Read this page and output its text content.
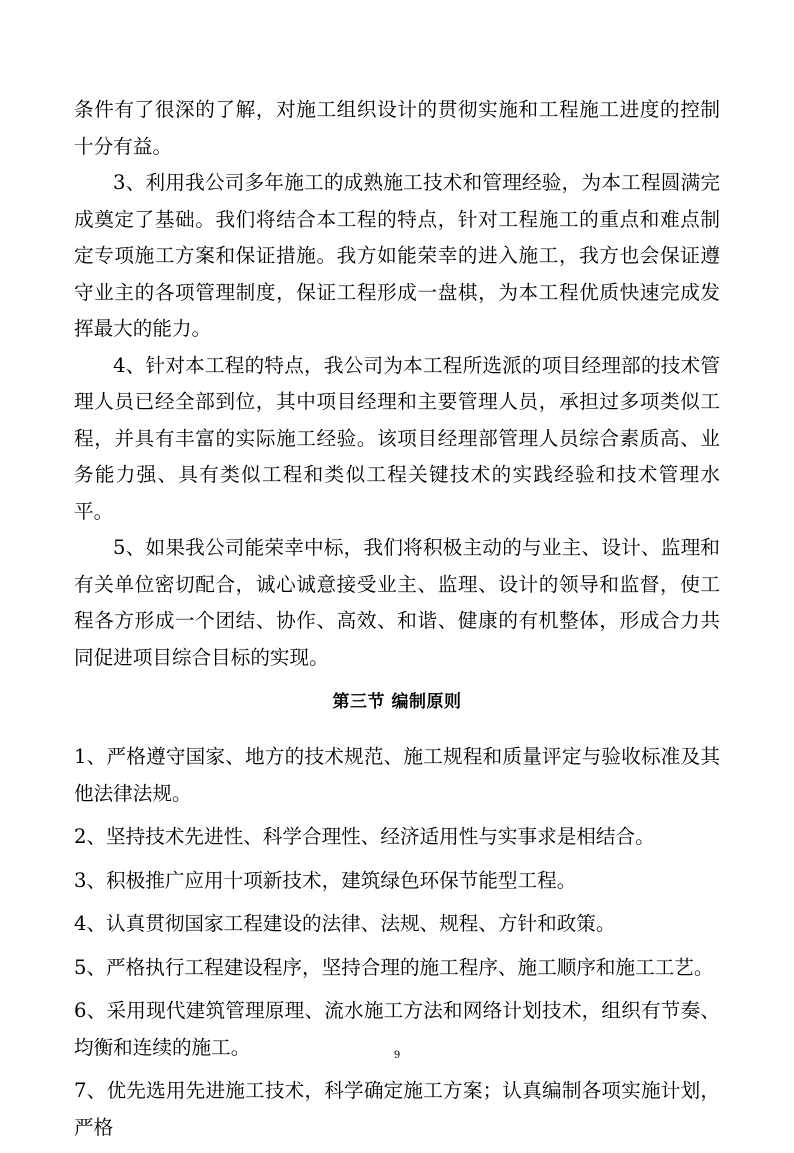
条件有了很深的了解，对施工组织设计的贯彻实施和工程施工进度的控制十分有益。

3、利用我公司多年施工的成熟施工技术和管理经验，为本工程圆满完成奠定了基础。我们将结合本工程的特点，针对工程施工的重点和难点制定专项施工方案和保证措施。我方如能荣幸的进入施工，我方也会保证遵守业主的各项管理制度，保证工程形成一盘棋，为本工程优质快速完成发挥最大的能力。

4、针对本工程的特点，我公司为本工程所选派的项目经理部的技术管理人员已经全部到位，其中项目经理和主要管理人员，承担过多项类似工程，并具有丰富的实际施工经验。该项目经理部管理人员综合素质高、业务能力强、具有类似工程和类似工程关键技术的实践经验和技术管理水平。

5、如果我公司能荣幸中标，我们将积极主动的与业主、设计、监理和有关单位密切配合，诚心诚意接受业主、监理、设计的领导和监督，使工程各方形成一个团结、协作、高效、和谐、健康的有机整体，形成合力共同促进项目综合目标的实现。

第三节 编制原则

1、严格遵守国家、地方的技术规范、施工规程和质量评定与验收标准及其他法律法规。

2、坚持技术先进性、科学合理性、经济适用性与实事求是相结合。

3、积极推广应用十项新技术，建筑绿色环保节能型工程。

4、认真贯彻国家工程建设的法律、法规、规程、方针和政策。

5、严格执行工程建设程序，坚持合理的施工程序、施工顺序和施工工艺。

6、采用现代建筑管理原理、流水施工方法和网络计划技术，组织有节奏、均衡和连续的施工。

7、优先选用先进施工技术，科学确定施工方案；认真编制各项实施计划，严格

9
